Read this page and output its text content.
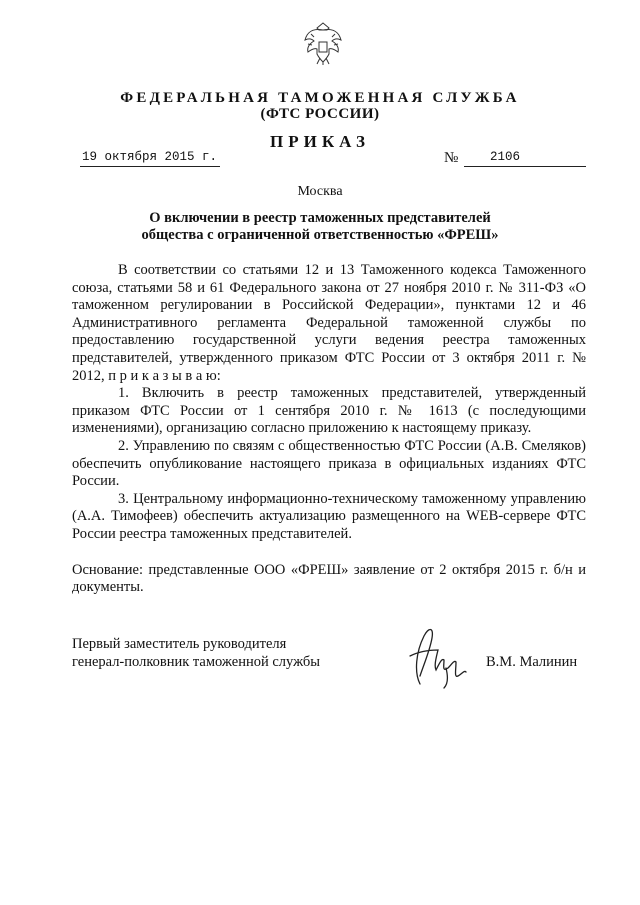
ФЕДЕРАЛЬНАЯ ТАМОЖЕННАЯ СЛУЖБА
(ФТС РОССИИ)
ПРИКАЗ
19 октября 2015 г.	№	2106
Москва
О включении в реестр таможенных представителей
общества с ограниченной ответственностью «ФРЕШ»

В соответствии со статьями 12 и 13 Таможенного кодекса Таможенного союза, статьями 58 и 61 Федерального закона от 27 ноября 2010 г. № 311-ФЗ «О таможенном регулировании в Российской Федерации», пунктами 12 и 46 Административного регламента Федеральной таможенной службы по предоставлению государственной услуги ведения реестра таможенных представителей, утвержденного приказом ФТС России от 3 октября 2011 г. № 2012, п р и к а з ы в а ю:

1. Включить в реестр таможенных представителей, утвержденный приказом ФТС России от 1 сентября 2010 г. № 1613 (с последующими изменениями), организацию согласно приложению к настоящему приказу.

2. Управлению по связям с общественностью ФТС России (А.В. Смеляков) обеспечить опубликование настоящего приказа в официальных изданиях ФТС России.

3. Центральному информационно-техническому таможенному управлению (А.А. Тимофеев) обеспечить актуализацию размещенного на WEB-сервере ФТС России реестра таможенных представителей.

Основание: представленные ООО «ФРЕШ» заявление от 2 октября 2015 г. б/н и документы.

Первый заместитель руководителя
генерал-полковник таможенной службы	В.М. Малинин
